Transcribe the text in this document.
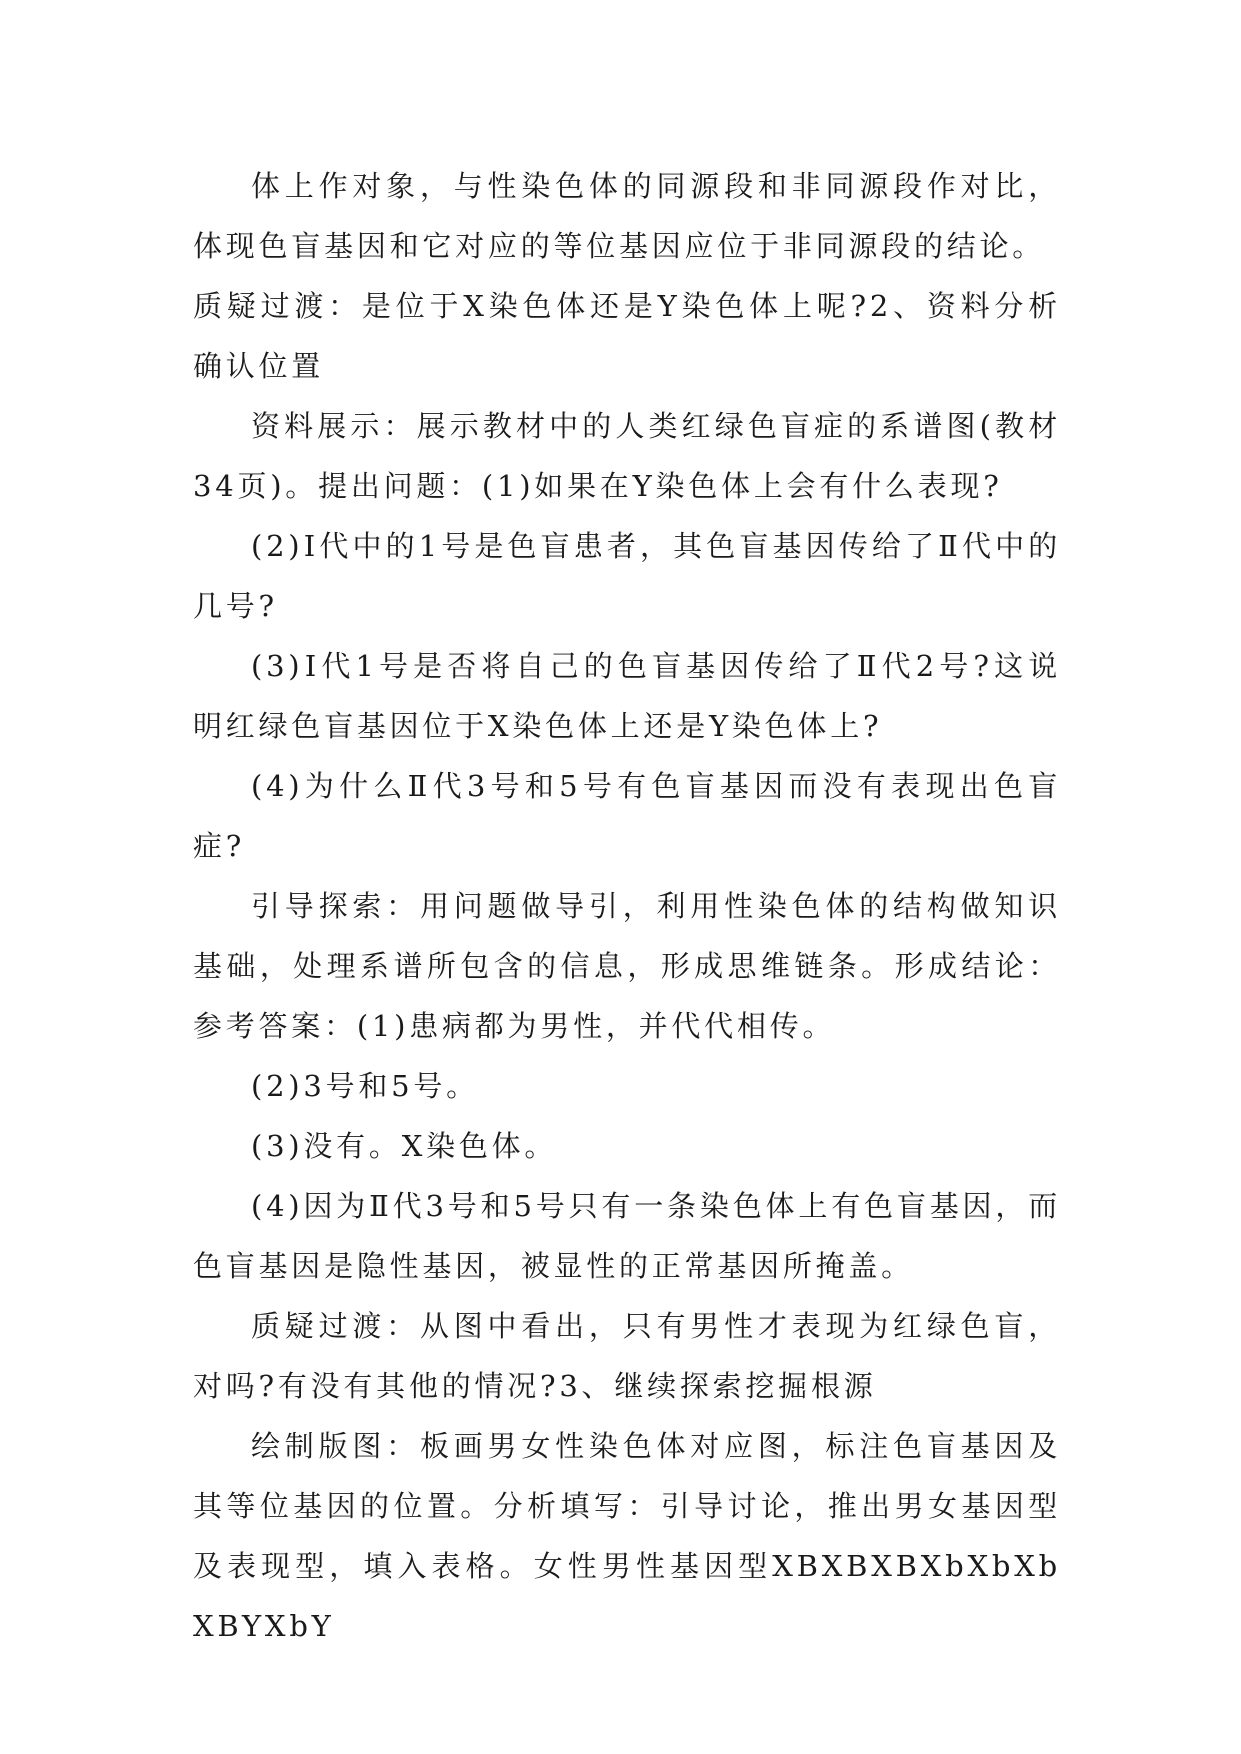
体上作对象，与性染色体的同源段和非同源段作对比，体现色盲基因和它对应的等位基因应位于非同源段的结论。

质疑过渡：是位于X染色体还是Y染色体上呢?2、资料分析确认位置

资料展示：展示教材中的人类红绿色盲症的系谱图(教材34页)。提出问题：(1)如果在Y染色体上会有什么表现?

(2)Ⅰ代中的1号是色盲患者，其色盲基因传给了Ⅱ代中的几号?

(3)Ⅰ代1号是否将自己的色盲基因传给了Ⅱ代2号?这说明红绿色盲基因位于X染色体上还是Y染色体上?

(4)为什么Ⅱ代3号和5号有色盲基因而没有表现出色盲症?

引导探索：用问题做导引，利用性染色体的结构做知识基础，处理系谱所包含的信息，形成思维链条。形成结论：参考答案：(1)患病都为男性，并代代相传。

(2)3号和5号。

(3)没有。X染色体。

(4)因为Ⅱ代3号和5号只有一条染色体上有色盲基因，而色盲基因是隐性基因，被显性的正常基因所掩盖。

质疑过渡：从图中看出，只有男性才表现为红绿色盲，对吗?有没有其他的情况?3、继续探索挖掘根源

绘制版图：板画男女性染色体对应图，标注色盲基因及其等位基因的位置。分析填写：引导讨论，推出男女基因型及表现型，填入表格。女性男性基因型XBXBXBXbXbXbXBYXbY
